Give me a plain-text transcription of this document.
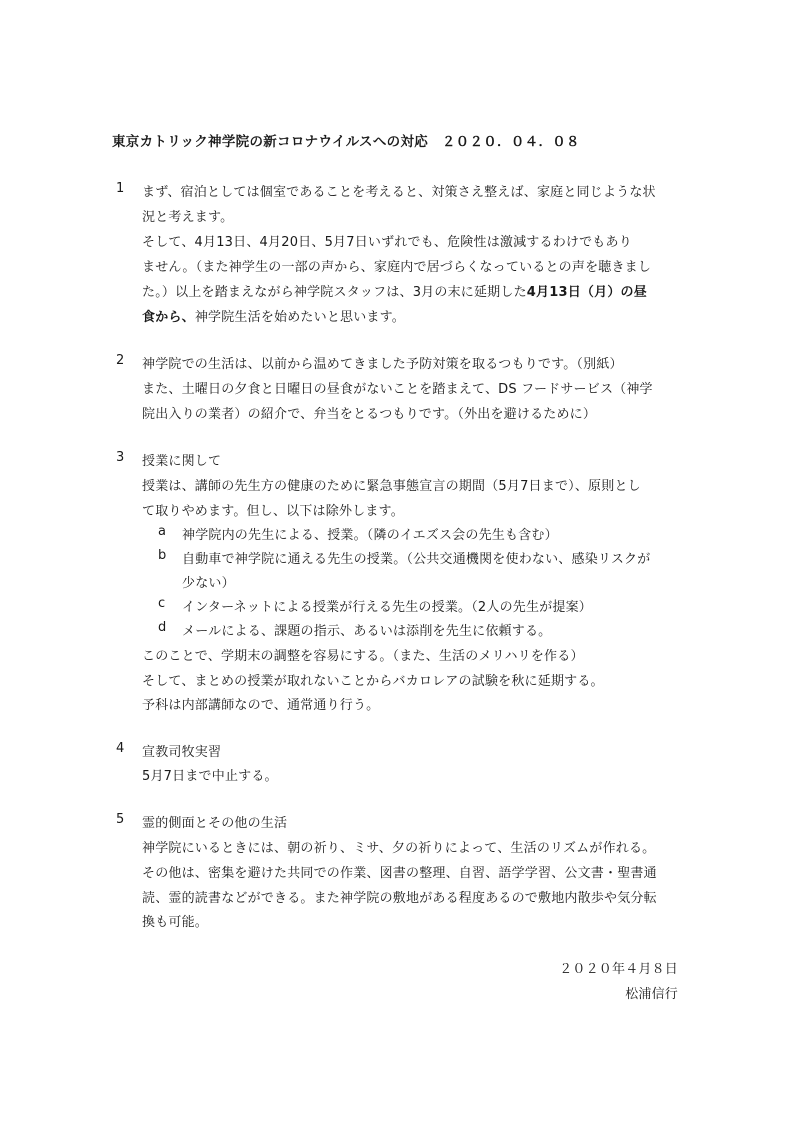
東京カトリック神学院の新コロナウイルスへの対応　２０２０．０４．０８
1 まず、宿泊としては個室であることを考えると、対策さえ整えば、家庭と同じような状
況と考えます。
そして、4月13日、4月20日、5月7日いずれでも、危険性は激減するわけでもあり
ません。（また神学生の一部の声から、家庭内で居づらくなっているとの声を聴きまし
た。）以上を踏まえながら神学院スタッフは、3月の末に延期した4月13日（月）の昼
食から、神学院生活を始めたいと思います。
2 神学院での生活は、以前から温めてきました予防対策を取るつもりです。（別紙）
また、土曜日の夕食と日曜日の昼食がないことを踏まえて、DS フードサービス（神学
院出入りの業者）の紹介で、弁当をとるつもりです。（外出を避けるために）
3 授業に関して
授業は、講師の先生方の健康のために緊急事態宣言の期間（5月7日まで）、原則とし
て取りやめます。但し、以下は除外します。
a 神学院内の先生による、授業。（隣のイエズス会の先生も含む）
b 自動車で神学院に通える先生の授業。（公共交通機関を使わない、感染リスクが
少ない）
c インターネットによる授業が行える先生の授業。（2人の先生が提案）
d メールによる、課題の指示、あるいは添削を先生に依頼する。
このことで、学期末の調整を容易にする。（また、生活のメリハリを作る）
そして、まとめの授業が取れないことからバカロレアの試験を秋に延期する。
予科は内部講師なので、通常通り行う。
4 宣教司牧実習
5月7日まで中止する。
5 霊的側面とその他の生活
神学院にいるときには、朝の祈り、ミサ、夕の祈りによって、生活のリズムが作れる。
その他は、密集を避けた共同での作業、図書の整理、自習、語学学習、公文書・聖書通
読、霊的読書などができる。また神学院の敷地がある程度あるので敷地内散歩や気分転
換も可能。
２０２０年４月８日
松浦信行
